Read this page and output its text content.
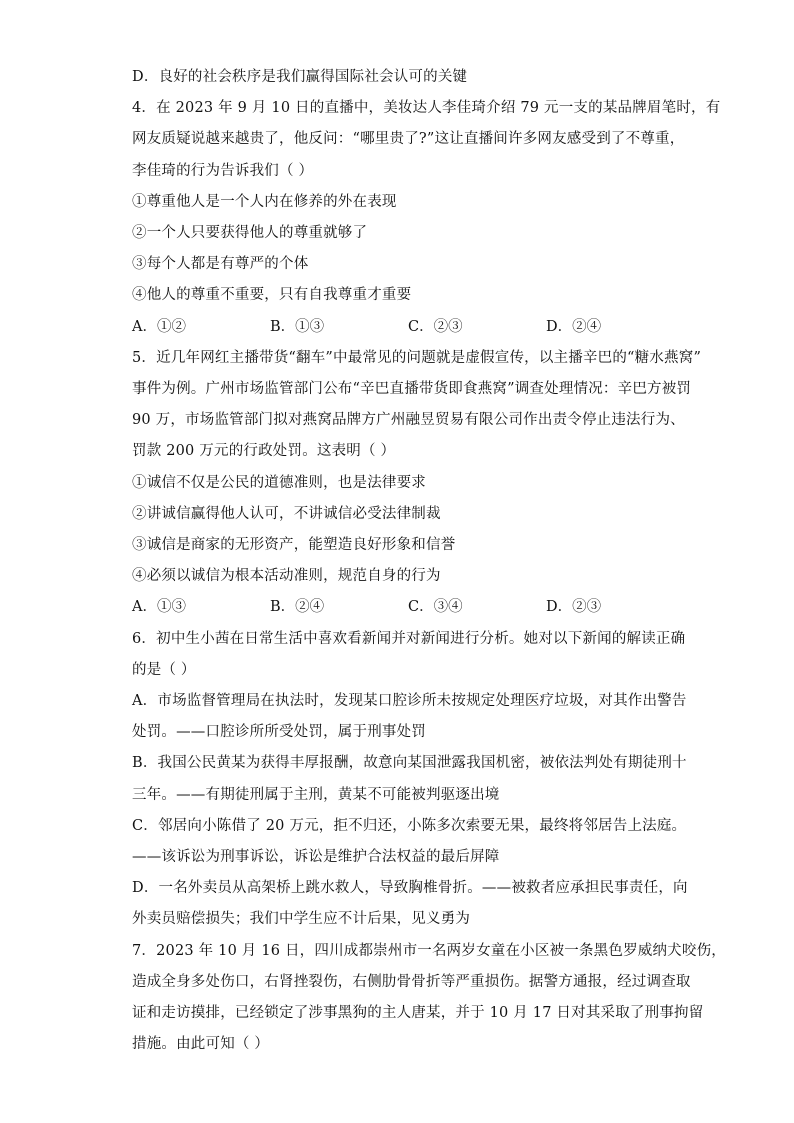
D．良好的社会秩序是我们赢得国际社会认可的关键
4．在 2023 年 9 月 10 日的直播中，美妆达人李佳琦介绍 79 元一支的某品牌眉笔时，有
网友质疑说越来越贵了，他反问：“哪里贵了?”这让直播间许多网友感受到了不尊重，
李佳琦的行为告诉我们（ ）
①尊重他人是一个人内在修养的外在表现
②一个人只要获得他人的尊重就够了
③每个人都是有尊严的个体
④他人的尊重不重要，只有自我尊重才重要
A．①②	B．①③	C．②③	D．②④
5．近几年网红主播带货“翻车”中最常见的问题就是虚假宣传，以主播辛巴的“糖水燕窝”
事件为例。广州市场监管部门公布“辛巴直播带货即食燕窝”调查处理情况：辛巴方被罚
90 万，市场监管部门拟对燕窝品牌方广州融昱贸易有限公司作出责令停止违法行为、
罚款 200 万元的行政处罚。这表明（ ）
①诚信不仅是公民的道德准则，也是法律要求
②讲诚信赢得他人认可，不讲诚信必受法律制裁
③诚信是商家的无形资产，能塑造良好形象和信誉
④必须以诚信为根本活动准则，规范自身的行为
A．①③	B．②④	C．③④	D．②③
6．初中生小茜在日常生活中喜欢看新闻并对新闻进行分析。她对以下新闻的解读正确
的是（ ）
A．市场监督管理局在执法时，发现某口腔诊所未按规定处理医疗垃圾，对其作出警告
处罚。——口腔诊所所受处罚，属于刑事处罚
B．我国公民黄某为获得丰厚报酬，故意向某国泄露我国机密，被依法判处有期徒刑十
三年。——有期徒刑属于主刑，黄某不可能被判驱逐出境
C．邻居向小陈借了 20 万元，拒不归还，小陈多次索要无果，最终将邻居告上法庭。
——该诉讼为刑事诉讼，诉讼是维护合法权益的最后屏障
D．一名外卖员从高架桥上跳水救人，导致胸椎骨折。——被救者应承担民事责任，向
外卖员赔偿损失；我们中学生应不计后果，见义勇为
7．2023 年 10 月 16 日，四川成都崇州市一名两岁女童在小区被一条黑色罗威纳犬咬伤，
造成全身多处伤口，右肾挫裂伤，右侧肋骨骨折等严重损伤。据警方通报，经过调查取
证和走访摸排，已经锁定了涉事黑狗的主人唐某，并于 10 月 17 日对其采取了刑事拘留
措施。由此可知（ ）
